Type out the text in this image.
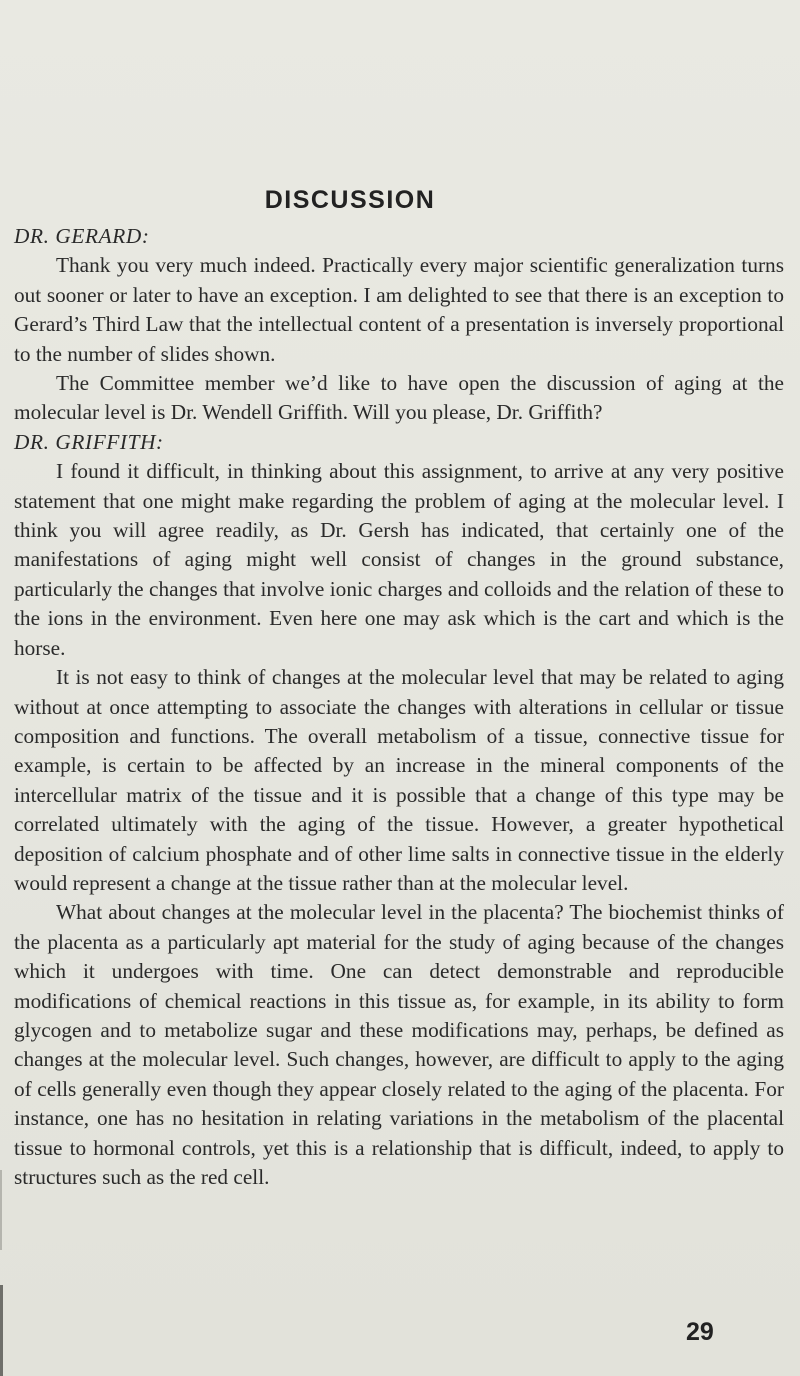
DISCUSSION

DR. GERARD:

Thank you very much indeed. Practically every major scientific generalization turns out sooner or later to have an exception. I am delighted to see that there is an exception to Gerard’s Third Law that the intellectual content of a presentation is inversely proportional to the number of slides shown.

The Committee member we’d like to have open the discussion of aging at the molecular level is Dr. Wendell Griffith. Will you please, Dr. Griffith?

DR. GRIFFITH:

I found it difficult, in thinking about this assignment, to arrive at any very positive statement that one might make regarding the problem of aging at the molecular level. I think you will agree readily, as Dr. Gersh has indicated, that certainly one of the manifestations of aging might well consist of changes in the ground substance, particularly the changes that involve ionic charges and colloids and the relation of these to the ions in the environment. Even here one may ask which is the cart and which is the horse.

It is not easy to think of changes at the molecular level that may be related to aging without at once attempting to associate the changes with alterations in cellular or tissue composition and functions. The overall metabolism of a tissue, connective tissue for example, is certain to be affected by an increase in the mineral components of the intercellular matrix of the tissue and it is possible that a change of this type may be correlated ultimately with the aging of the tissue. However, a greater hypothetical deposition of calcium phosphate and of other lime salts in connective tissue in the elderly would represent a change at the tissue rather than at the molecular level.

What about changes at the molecular level in the placenta? The biochemist thinks of the placenta as a particularly apt material for the study of aging because of the changes which it undergoes with time. One can detect demonstrable and reproducible modifications of chemical reactions in this tissue as, for example, in its ability to form glycogen and to metabolize sugar and these modifications may, perhaps, be defined as changes at the molecular level. Such changes, however, are difficult to apply to the aging of cells generally even though they appear closely related to the aging of the placenta. For instance, one has no hesitation in relating variations in the metabolism of the placental tissue to hormonal controls, yet this is a relationship that is difficult, indeed, to apply to structures such as the red cell.

29
